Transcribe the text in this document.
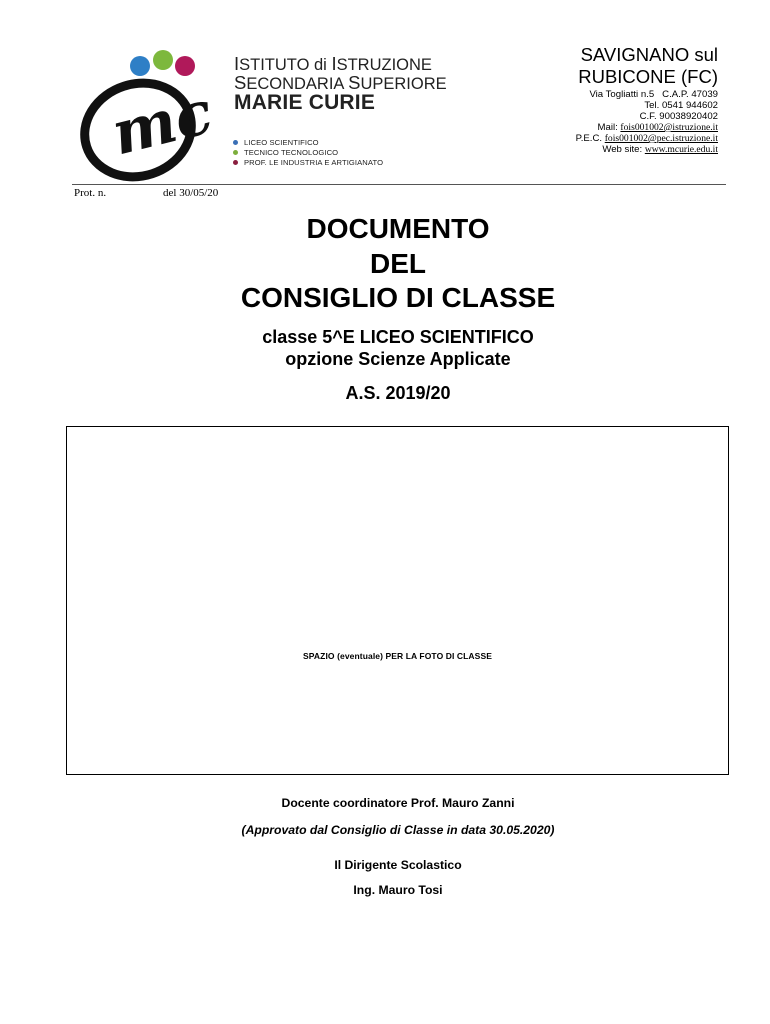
mc
ISTITUTO di ISTRUZIONE
SECONDARIA SUPERIORE
MARIE CURIE
LICEO SCIENTIFICO
TECNICO TECNOLOGICO
PROF. LE INDUSTRIA E ARTIGIANATO
SAVIGNANO sul
RUBICONE (FC)
Via Togliatti n.5   C.A.P. 47039
Tel. 0541 944602
C.F. 90038920402
Mail: fois001002@istruzione.it
P.E.C. fois001002@pec.istruzione.it
Web site: www.mcurie.edu.it
Prot. n.	del 30/05/20
DOCUMENTO
DEL
CONSIGLIO DI CLASSE
classe 5^E LICEO SCIENTIFICO
opzione Scienze Applicate
A.S. 2019/20
SPAZIO (eventuale) PER LA FOTO DI CLASSE
Docente coordinatore Prof. Mauro Zanni
(Approvato dal Consiglio di Classe in data 30.05.2020)
Il Dirigente Scolastico
Ing. Mauro Tosi
